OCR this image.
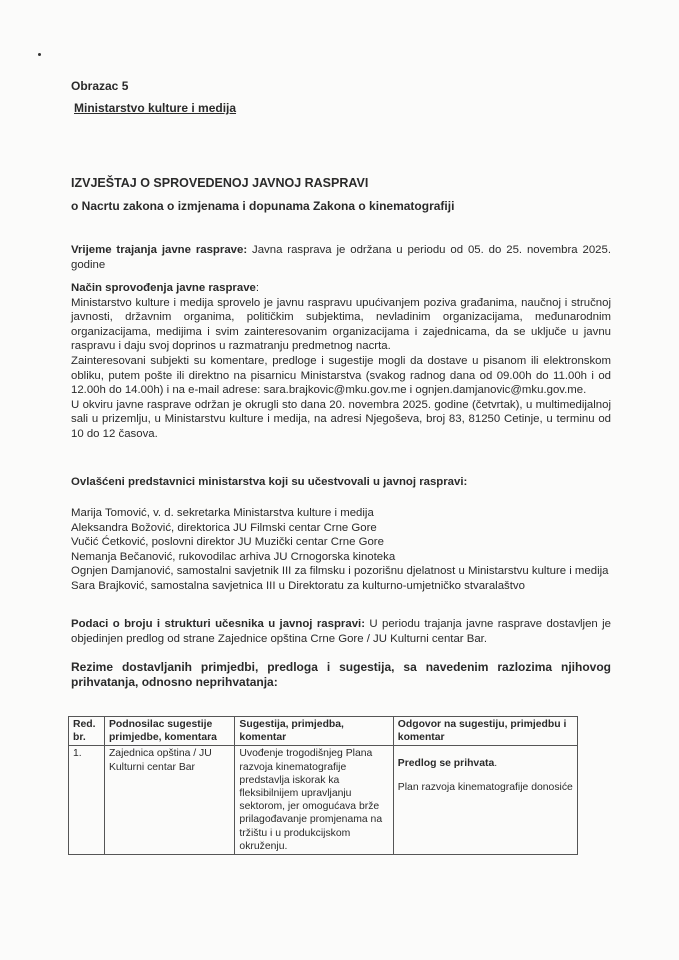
Obrazac 5
Ministarstvo kulture i medija
IZVJEŠTAJ O SPROVEDENOJ JAVNOJ RASPRAVI
o Nacrtu zakona o izmjenama i dopunama Zakona o kinematografiji

Vrijeme trajanja javne rasprave: Javna rasprava je održana u periodu od 05. do 25. novembra 2025. godine

Način sprovođenja javne rasprave:

Ministarstvo kulture i medija sprovelo je javnu raspravu upućivanjem poziva građanima, naučnoj i stručnoj javnosti, državnim organima, političkim subjektima, nevladinim organizacijama, međunarodnim organizacijama, medijima i svim zainteresovanim organizacijama i zajednicama, da se uključe u javnu raspravu i daju svoj doprinos u razmatranju predmetnog nacrta.

Zainteresovani subjekti su komentare, predloge i sugestije mogli da dostave u pisanom ili elektronskom obliku, putem pošte ili direktno na pisarnicu Ministarstva (svakog radnog dana od 09.00h do 11.00h i od 12.00h do 14.00h) i na e-mail adrese: sara.brajkovic@mku.gov.me i ognjen.damjanovic@mku.gov.me.

U okviru javne rasprave održan je okrugli sto dana 20. novembra 2025. godine (četvrtak), u multimedijalnoj sali u prizemlju, u Ministarstvu kulture i medija, na adresi Njegoševa, broj 83, 81250 Cetinje, u terminu od 10 do 12 časova.

Ovlašćeni predstavnici ministarstva koji su učestvovali u javnoj raspravi:

Marija Tomović, v. d. sekretarka Ministarstva kulture i medija

Aleksandra Božović, direktorica JU Filmski centar Crne Gore

Vučić Ćetković, poslovni direktor JU Muzički centar Crne Gore

Nemanja Bečanović, rukovodilac arhiva JU Crnogorska kinoteka

Ognjen Damjanović, samostalni savjetnik III za filmsku i pozorišnu djelatnost u Ministarstvu kulture i medija

Sara Brajković, samostalna savjetnica III u Direktoratu za kulturno-umjetničko stvaralaštvo

Podaci o broju i strukturi učesnika u javnoj raspravi: U periodu trajanja javne rasprave dostavljen je objedinjen predlog od strane Zajednice opština Crne Gore / JU Kulturni centar Bar.

Rezime dostavljanih primjedbi, predloga i sugestija, sa navedenim razlozima njihovog prihvatanja, odnosno neprihvatanja:

Red. br.	Podnosilac sugestije primjedbe, komentara	Sugestija, primjedba, komentar	Odgovor na sugestiju, primjedbu i komentar
1.	Zajednica opština / JU Kulturni centar Bar	Uvođenje trogodišnjeg Plana razvoja kinematografije predstavlja iskorak ka fleksibilnijem upravljanju sektorom, jer omogućava brže prilagođavanje promjenama na tržištu i u produkcijskom okruženju.	Predlog se prihvata.
Plan razvoja kinematografije donosiće
